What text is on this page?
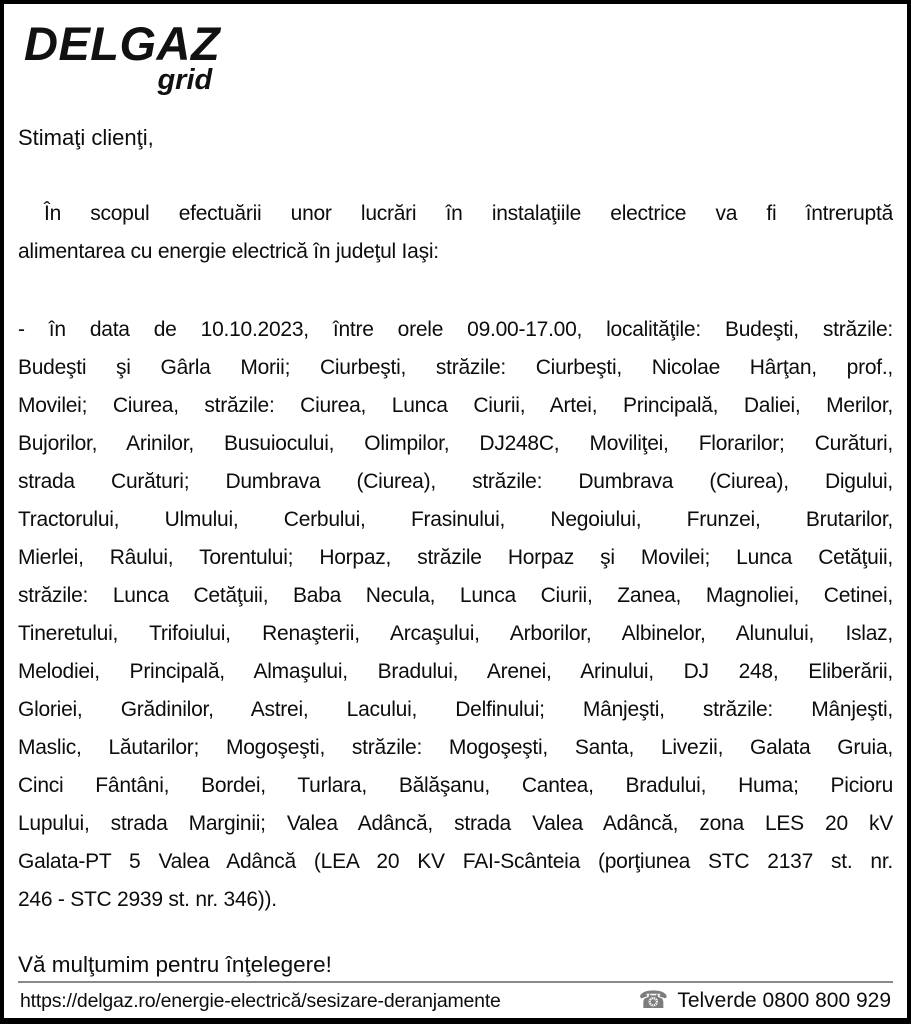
DELGAZ
grid
Stimaţi clienţi,
În scopul efectuării unor lucrări în instalaţiile electrice va fi întreruptă
alimentarea cu energie electrică în judeţul Iaşi:
- în data de 10.10.2023, între orele 09.00-17.00, localităţile: Budeşti, străzile:
Budeşti şi Gârla Morii; Ciurbeşti, străzile: Ciurbeşti, Nicolae Hârţan, prof.,
Movilei; Ciurea, străzile: Ciurea, Lunca Ciurii, Artei, Principală, Daliei, Merilor,
Bujorilor, Arinilor, Busuiocului, Olimpilor, DJ248C, Moviliţei, Florarilor; Curături,
strada Curături; Dumbrava (Ciurea), străzile: Dumbrava (Ciurea), Digului,
Tractorului, Ulmului, Cerbului, Frasinului, Negoiului, Frunzei, Brutarilor,
Mierlei, Râului, Torentului; Horpaz, străzile Horpaz şi Movilei; Lunca Cetăţuii,
străzile: Lunca Cetăţuii, Baba Necula, Lunca Ciurii, Zanea, Magnoliei, Cetinei,
Tineretului, Trifoiului, Renaşterii, Arcaşului, Arborilor, Albinelor, Alunului, Islaz,
Melodiei, Principală, Almaşului, Bradului, Arenei, Arinului, DJ 248, Eliberării,
Gloriei, Grădinilor, Astrei, Lacului, Delfinului; Mânjeşti, străzile: Mânjeşti,
Maslic, Lăutarilor; Mogoşeşti, străzile: Mogoşeşti, Santa, Livezii, Galata Gruia,
Cinci Fântâni, Bordei, Turlara, Bălăşanu, Cantea, Bradului, Huma; Picioru
Lupului, strada Marginii; Valea Adâncă, strada Valea Adâncă, zona LES 20 kV
Galata-PT 5 Valea Adâncă (LEA 20 KV FAI-Scânteia (porţiunea STC 2137 st. nr.
246 - STC 2939 st. nr. 346)).
Vă mulţumim pentru înţelegere!
https://delgaz.ro/energie-electrică/sesizare-deranjamente	☎ Telverde 0800 800 929
